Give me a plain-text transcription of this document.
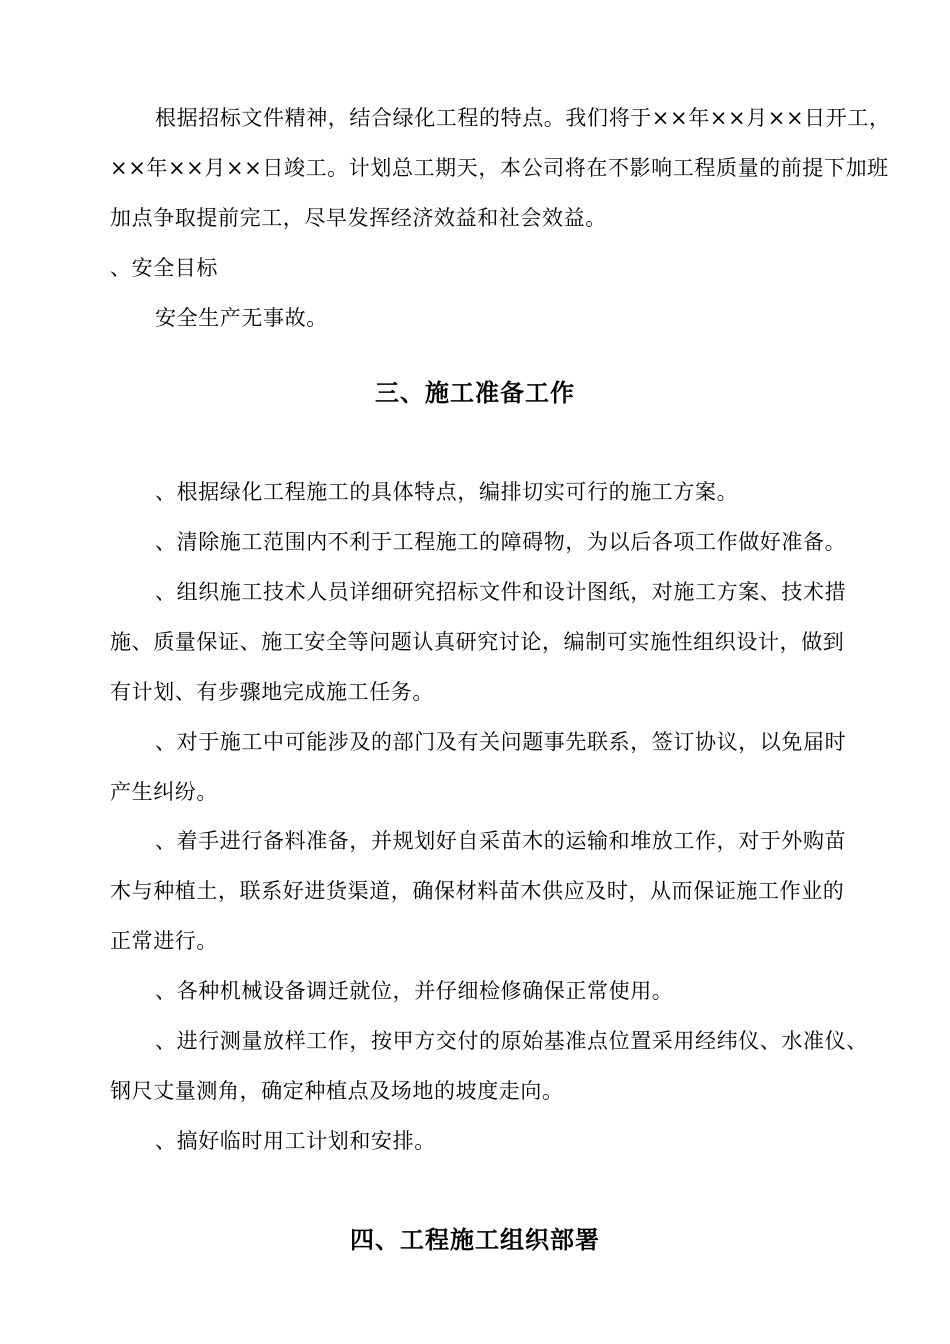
根据招标文件精神，结合绿化工程的特点。我们将于××年××月××日开工，
××年××月××日竣工。计划总工期天，本公司将在不影响工程质量的前提下加班
加点争取提前完工，尽早发挥经济效益和社会效益。
、安全目标
安全生产无事故。
三、施工准备工作
、根据绿化工程施工的具体特点，编排切实可行的施工方案。
、清除施工范围内不利于工程施工的障碍物，为以后各项工作做好准备。
、组织施工技术人员详细研究招标文件和设计图纸，对施工方案、技术措
施、质量保证、施工安全等问题认真研究讨论，编制可实施性组织设计，做到
有计划、有步骤地完成施工任务。
、对于施工中可能涉及的部门及有关问题事先联系，签订协议，以免届时
产生纠纷。
、着手进行备料准备，并规划好自采苗木的运输和堆放工作，对于外购苗
木与种植土，联系好进货渠道，确保材料苗木供应及时，从而保证施工作业的
正常进行。
、各种机械设备调迁就位，并仔细检修确保正常使用。
、进行测量放样工作，按甲方交付的原始基准点位置采用经纬仪、水准仪、
钢尺丈量测角，确定种植点及场地的坡度走向。
、搞好临时用工计划和安排。
四、工程施工组织部署
